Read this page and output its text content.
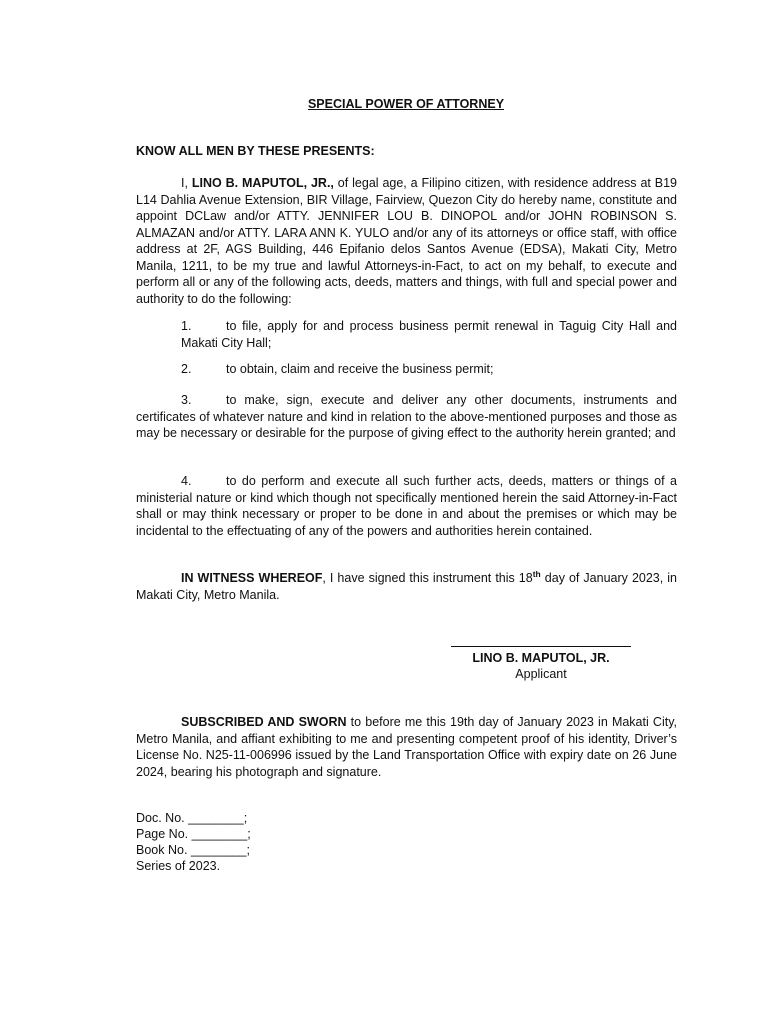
SPECIAL POWER OF ATTORNEY
KNOW ALL MEN BY THESE PRESENTS:
I, LINO B. MAPUTOL, JR., of legal age, a Filipino citizen, with residence address at B19 L14 Dahlia Avenue Extension, BIR Village, Fairview, Quezon City do hereby name, constitute and appoint DCLaw and/or ATTY. JENNIFER LOU B. DINOPOL and/or JOHN ROBINSON S. ALMAZAN and/or ATTY. LARA ANN K. YULO and/or any of its attorneys or office staff, with office address at 2F, AGS Building, 446 Epifanio delos Santos Avenue (EDSA), Makati City, Metro Manila, 1211, to be my true and lawful Attorneys-in-Fact, to act on my behalf, to execute and perform all or any of the following acts, deeds, matters and things, with full and special power and authority to do the following:
1.	to file, apply for and process business permit renewal in Taguig City Hall and Makati City Hall;
2.	to obtain, claim and receive the business permit;
3.	to make, sign, execute and deliver any other documents, instruments and certificates of whatever nature and kind in relation to the above-mentioned purposes and those as may be necessary or desirable for the purpose of giving effect to the authority herein granted; and
4.	to do perform and execute all such further acts, deeds, matters or things of a ministerial nature or kind which though not specifically mentioned herein the said Attorney-in-Fact shall or may think necessary or proper to be done in and about the premises or which may be incidental to the effectuating of any of the powers and authorities herein contained.
IN WITNESS WHEREOF, I have signed this instrument this 18th day of January 2023, in Makati City, Metro Manila.
LINO B. MAPUTOL, JR.
Applicant
SUBSCRIBED AND SWORN to before me this 19th day of January 2023 in Makati City, Metro Manila, and affiant exhibiting to me and presenting competent proof of his identity, Driver’s License No. N25-11-006996 issued by the Land Transportation Office with expiry date on 26 June 2024, bearing his photograph and signature.
Doc. No. ________;
Page No. ________;
Book No. ________;
Series of 2023.
